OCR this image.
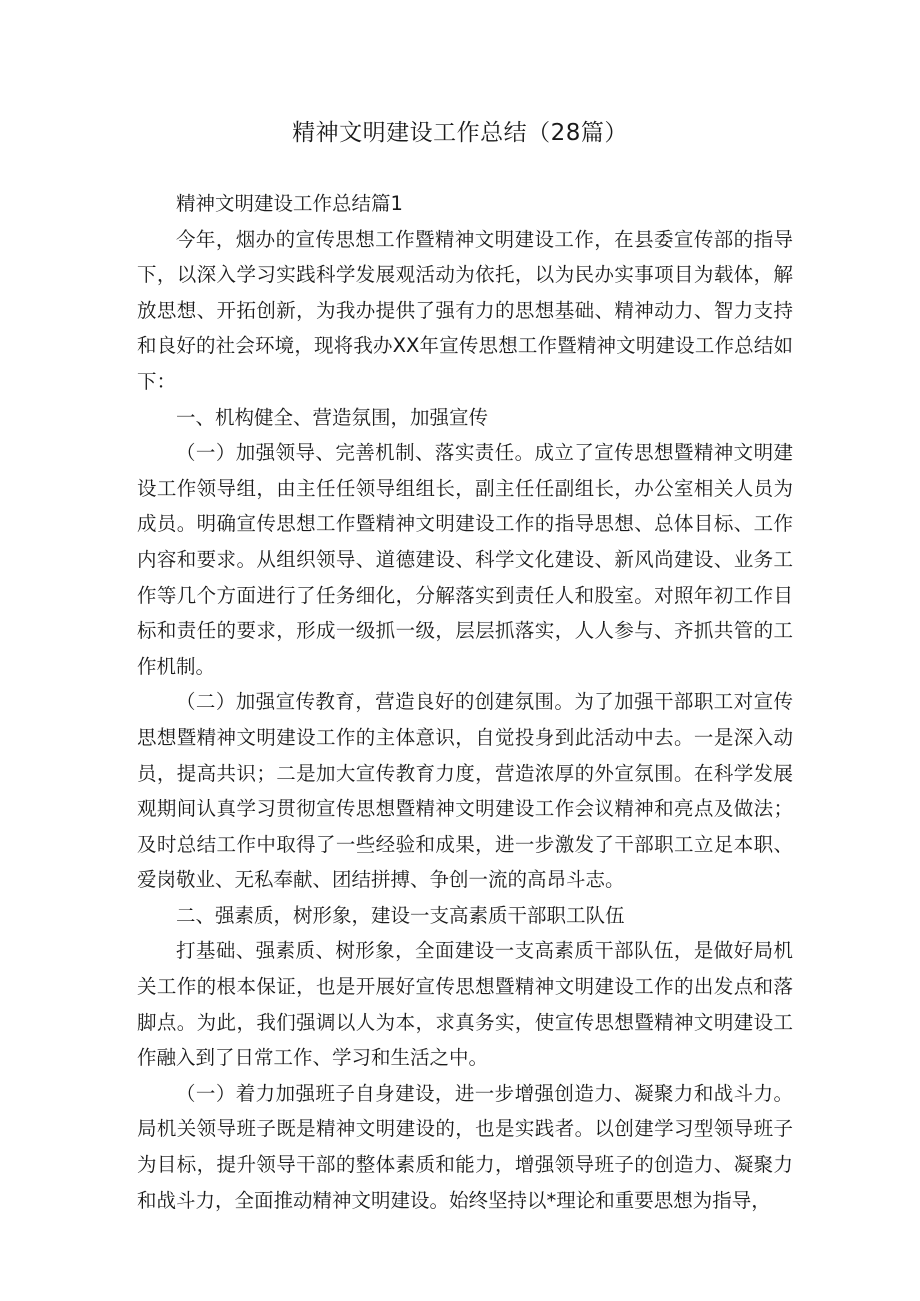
精神文明建设工作总结（28篇）

精神文明建设工作总结篇1

今年，烟办的宣传思想工作暨精神文明建设工作，在县委宣传部的指导下，以深入学习实践科学发展观活动为依托，以为民办实事项目为载体，解放思想、开拓创新，为我办提供了强有力的思想基础、精神动力、智力支持和良好的社会环境，现将我办XX年宣传思想工作暨精神文明建设工作总结如下：

一、机构健全、营造氛围，加强宣传

（一）加强领导、完善机制、落实责任。成立了宣传思想暨精神文明建设工作领导组，由主任任领导组组长，副主任任副组长，办公室相关人员为成员。明确宣传思想工作暨精神文明建设工作的指导思想、总体目标、工作内容和要求。从组织领导、道德建设、科学文化建设、新风尚建设、业务工作等几个方面进行了任务细化，分解落实到责任人和股室。对照年初工作目标和责任的要求，形成一级抓一级，层层抓落实，人人参与、齐抓共管的工作机制。

（二）加强宣传教育，营造良好的创建氛围。为了加强干部职工对宣传思想暨精神文明建设工作的主体意识，自觉投身到此活动中去。一是深入动员，提高共识；二是加大宣传教育力度，营造浓厚的外宣氛围。在科学发展观期间认真学习贯彻宣传思想暨精神文明建设工作会议精神和亮点及做法；及时总结工作中取得了一些经验和成果，进一步激发了干部职工立足本职、爱岗敬业、无私奉献、团结拼搏、争创一流的高昂斗志。

二、强素质，树形象，建设一支高素质干部职工队伍

打基础、强素质、树形象，全面建设一支高素质干部队伍，是做好局机关工作的根本保证，也是开展好宣传思想暨精神文明建设工作的出发点和落脚点。为此，我们强调以人为本，求真务实，使宣传思想暨精神文明建设工作融入到了日常工作、学习和生活之中。

（一）着力加强班子自身建设，进一步增强创造力、凝聚力和战斗力。局机关领导班子既是精神文明建设的，也是实践者。以创建学习型领导班子为目标，提升领导干部的整体素质和能力，增强领导班子的创造力、凝聚力和战斗力，全面推动精神文明建设。始终坚持以*理论和重要思想为指导，
